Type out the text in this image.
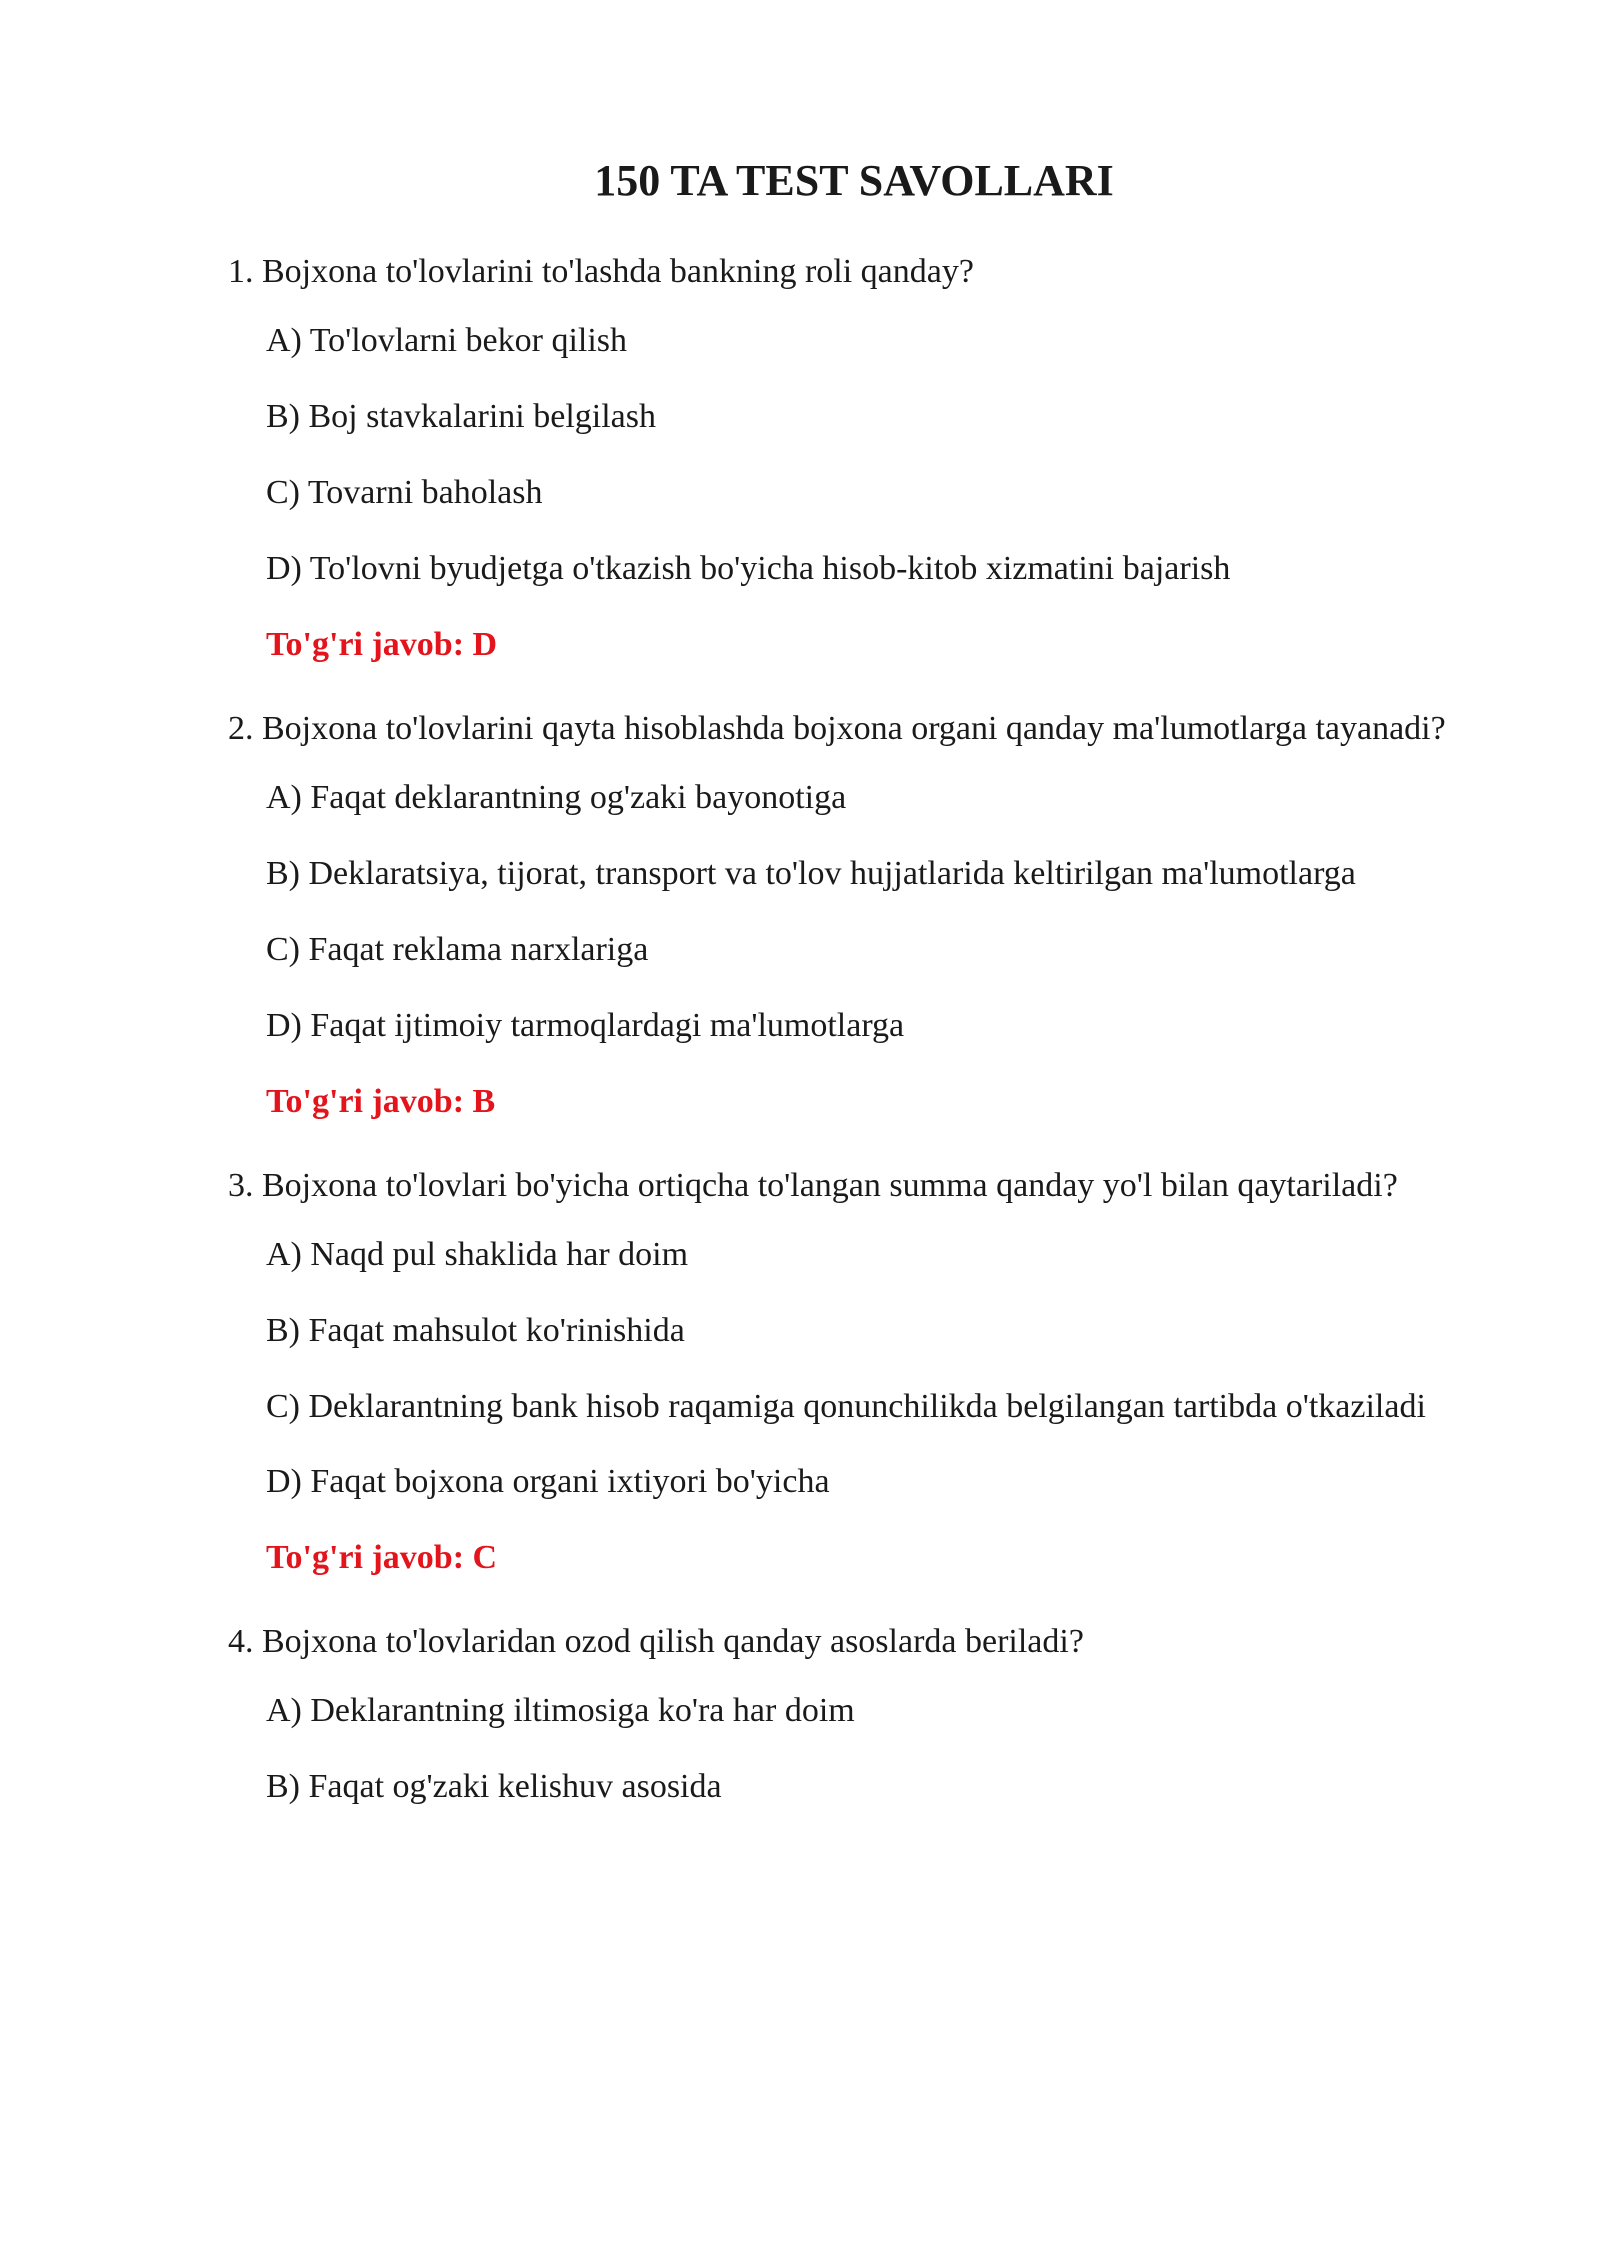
150 TA TEST SAVOLLARI

1. Bojxona to'lovlarini to'lashda bankning roli qanday?

A) To'lovlarni bekor qilish
B) Boj stavkalarini belgilash
C) Tovarni baholash
D) To'lovni byudjetga o'tkazish bo'yicha hisob-kitob xizmatini bajarish

To'g'ri javob: D

2. Bojxona to'lovlarini qayta hisoblashda bojxona organi qanday ma'lumotlarga tayanadi?

A) Faqat deklarantning og'zaki bayonotiga
B) Deklaratsiya, tijorat, transport va to'lov hujjatlarida keltirilgan ma'lumotlarga
C) Faqat reklama narxlariga
D) Faqat ijtimoiy tarmoqlardagi ma'lumotlarga

To'g'ri javob: B

3. Bojxona to'lovlari bo'yicha ortiqcha to'langan summa qanday yo'l bilan qaytariladi?

A) Naqd pul shaklida har doim
B) Faqat mahsulot ko'rinishida
C) Deklarantning bank hisob raqamiga qonunchilikda belgilangan tartibda o'tkaziladi
D) Faqat bojxona organi ixtiyori bo'yicha

To'g'ri javob: C

4. Bojxona to'lovlaridan ozod qilish qanday asoslarda beriladi?

A) Deklarantning iltimosiga ko'ra har doim
B) Faqat og'zaki kelishuv asosida
